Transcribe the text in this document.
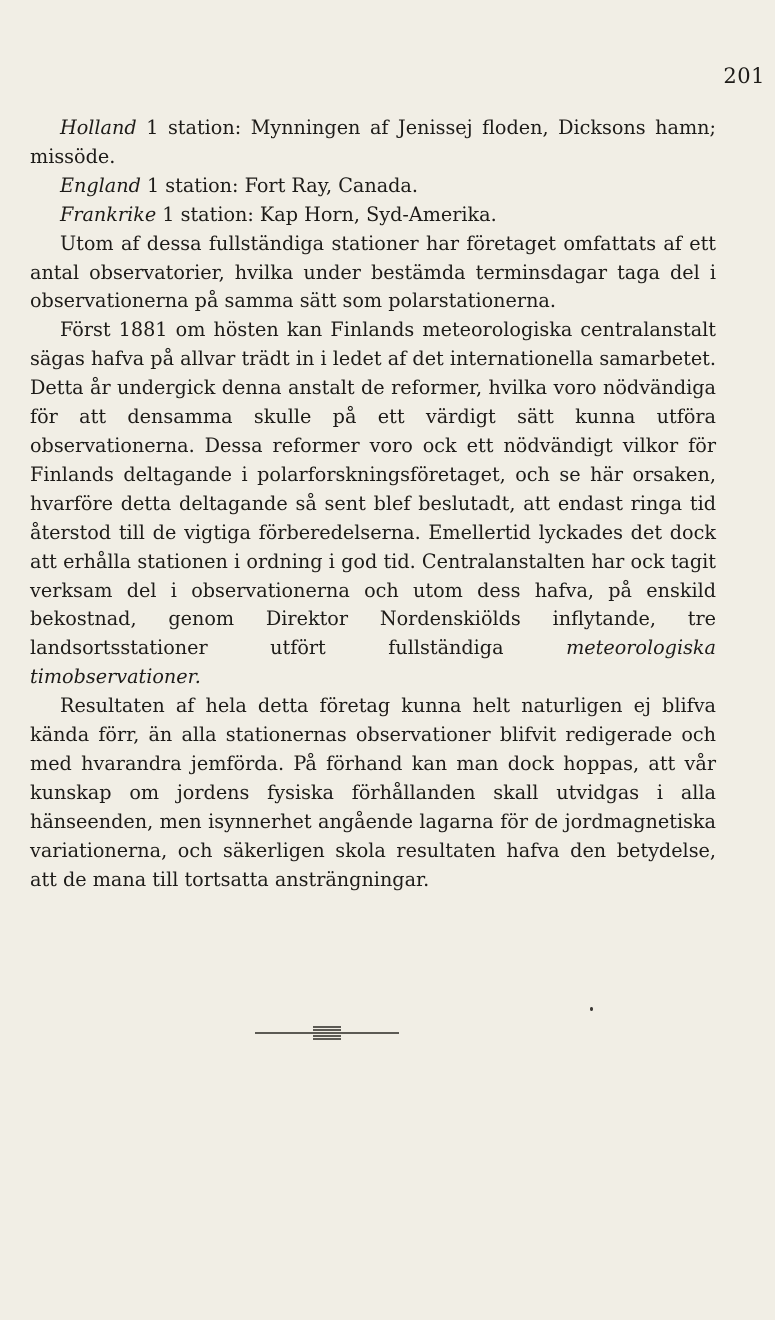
201

Holland 1 station: Mynningen af Jenissej floden, Dicksons hamn; missöde.

England 1 station: Fort Ray, Canada.

Frankrike 1 station: Kap Horn, Syd-Amerika.

Utom af dessa fullständiga stationer har företaget omfattats af ett antal observatorier, hvilka under bestämda terminsdagar taga del i observationerna på samma sätt som polarstationerna.

Först 1881 om hösten kan Finlands meteorologiska centralanstalt sägas hafva på allvar trädt in i ledet af det internationella samarbetet. Detta år undergick denna anstalt de reformer, hvilka voro nödvändiga för att densamma skulle på ett värdigt sätt kunna utföra observationerna. Dessa reformer voro ock ett nödvändigt vilkor för Finlands deltagande i polarforskningsföretaget, och se här orsaken, hvarföre detta deltagande så sent blef beslutadt, att endast ringa tid återstod till de vigtiga förberedelserna. Emellertid lyckades det dock att erhålla stationen i ordning i god tid. Centralanstalten har ock tagit verksam del i observationerna och utom dess hafva, på enskild bekostnad, genom Direktor Nordenskiölds inflytande, tre landsortsstationer utfört fullständiga meteorologiska timobservationer.

Resultaten af hela detta företag kunna helt naturligen ej blifva kända förr, än alla stationernas observationer blifvit redigerade och med hvarandra jemförda. På förhand kan man dock hoppas, att vår kunskap om jordens fysiska förhållanden skall utvidgas i alla hänseenden, men isynnerhet angående lagarna för de jordmagnetiska variationerna, och säkerligen skola resultaten hafva den betydelse, att de mana till tortsatta ansträngningar.
